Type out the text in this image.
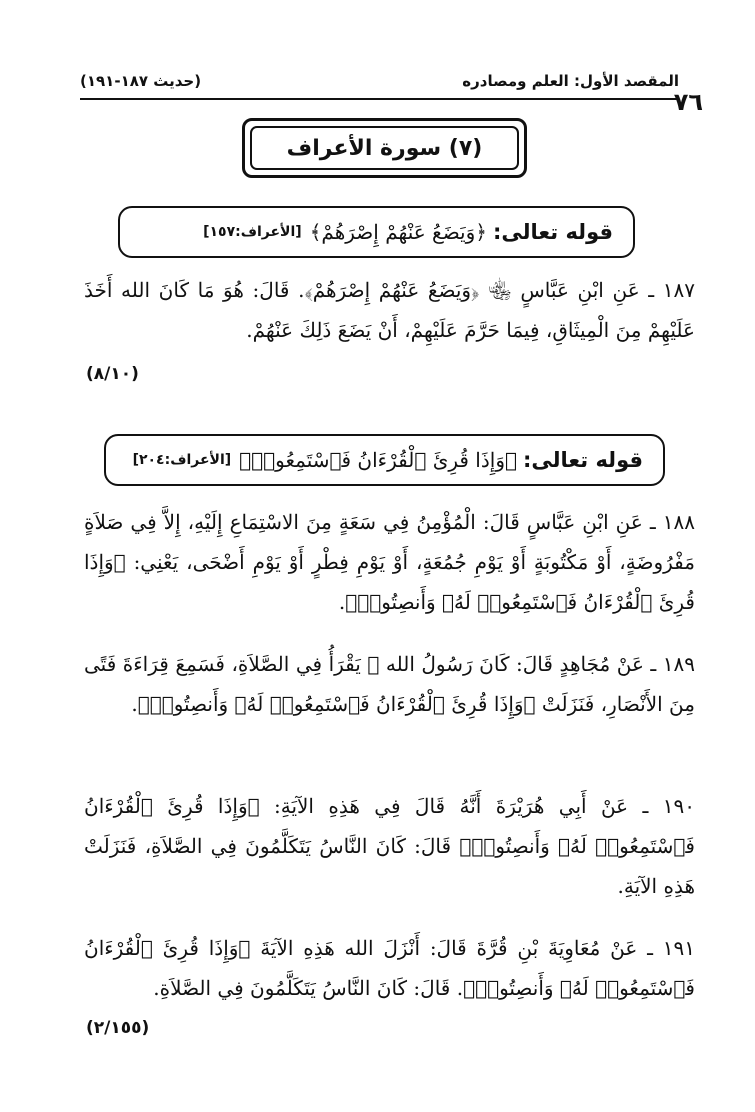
٧٦
المقصد الأول: العلم ومصادره
(حديث ١٨٧-١٩١)
(٧) سورة الأعراف
قوله تعالى:
﴿وَيَضَعُ عَنْهُمْ إِصْرَهُمْ﴾
[الأعراف:١٥٧]
١٨٧ ـ عَنِ ابْنِ عَبَّاسٍ ﵄ ﴿وَيَضَعُ عَنْهُمْ إِصْرَهُمْ﴾. قَالَ: هُوَ مَا كَانَ الله أَخَذَ عَلَيْهِمْ مِنَ الْمِيثَاقِ، فِيمَا حَرَّمَ عَلَيْهِمْ، أَنْ يَضَعَ ذَلِكَ عَنْهُمْ.
(٨/١٠)
قوله تعالى:
﴿وَإِذَا قُرِئَ ٱلْقُرْءَانُ فَٱسْتَمِعُوا۟﴾
[الأعراف:٢٠٤]
١٨٨ ـ عَنِ ابْنِ عَبَّاسٍ قَالَ: الْمُؤْمِنُ فِي سَعَةٍ مِنَ الاسْتِمَاعِ إِلَيْهِ، إِلاَّ فِي صَلاَةٍ مَفْرُوضَةٍ، أَوْ مَكْتُوبَةٍ أَوْ يَوْمِ جُمُعَةٍ، أَوْ يَوْمِ فِطْرٍ أَوْ يَوْمِ أَضْحَى، يَعْنِي: ﴿وَإِذَا قُرِئَ ٱلْقُرْءَانُ فَٱسْتَمِعُوا۟ لَهُۥ وَأَنصِتُوا۟﴾.
١٨٩ ـ عَنْ مُجَاهِدٍ قَالَ: كَانَ رَسُولُ الله ﷺ يَقْرَأُ فِي الصَّلاَةِ، فَسَمِعَ قِرَاءَةَ فَتًى مِنَ الأَنْصَارِ، فَنَزَلَتْ ﴿وَإِذَا قُرِئَ ٱلْقُرْءَانُ فَٱسْتَمِعُوا۟ لَهُۥ وَأَنصِتُوا۟﴾.
١٩٠ ـ عَنْ أَبِي هُرَيْرَةَ أَنَّهُ قَالَ فِي هَذِهِ الآيَةِ: ﴿وَإِذَا قُرِئَ ٱلْقُرْءَانُ فَٱسْتَمِعُوا۟ لَهُۥ وَأَنصِتُوا۟﴾ قَالَ: كَانَ النَّاسُ يَتَكَلَّمُونَ فِي الصَّلاَةِ، فَنَزَلَتْ هَذِهِ الآيَةِ.
١٩١ ـ عَنْ مُعَاوِيَةَ بْنِ قُرَّةَ قَالَ: أَنْزَلَ الله هَذِهِ الآيَةَ ﴿وَإِذَا قُرِئَ ٱلْقُرْءَانُ فَٱسْتَمِعُوا۟ لَهُۥ وَأَنصِتُوا۟﴾. قَالَ: كَانَ النَّاسُ يَتَكَلَّمُونَ فِي الصَّلاَةِ.
(٢/١٥٥)
